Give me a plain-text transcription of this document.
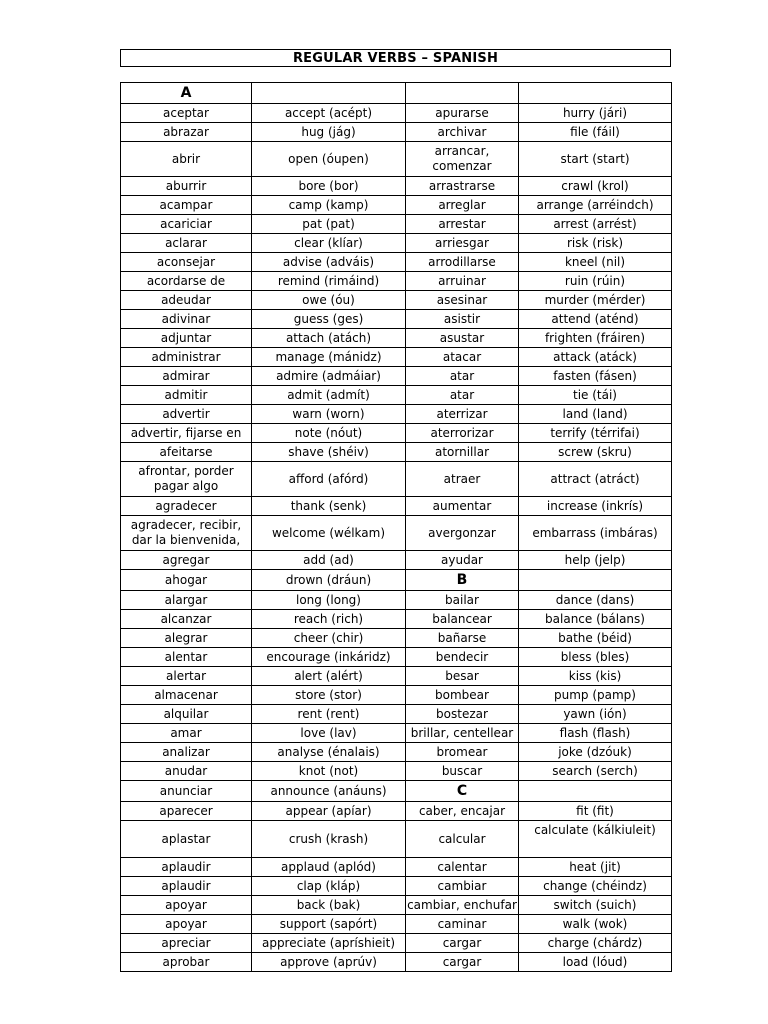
REGULAR VERBS – SPANISH
A			
aceptar	accept (acépt)	apurarse	hurry (jári)
abrazar	hug (jág)	archivar	file (fáil)
abrir	open (óupen)	arrancar, comenzar	start (start)
aburrir	bore (bor)	arrastrarse	crawl (krol)
acampar	camp (kamp)	arreglar	arrange (arréindch)
acariciar	pat (pat)	arrestar	arrest (arrést)
aclarar	clear (klíar)	arriesgar	risk (risk)
aconsejar	advise (adváis)	arrodillarse	kneel (nil)
acordarse de	remind (rimáind)	arruinar	ruin (rúin)
adeudar	owe (óu)	asesinar	murder (mérder)
adivinar	guess (ges)	asistir	attend (aténd)
adjuntar	attach (atách)	asustar	frighten (fráiren)
administrar	manage (mánidz)	atacar	attack (atáck)
admirar	admire (admáiar)	atar	fasten (fásen)
admitir	admit (admít)	atar	tie (tái)
advertir	warn (worn)	aterrizar	land (land)
advertir, fijarse en	note (nóut)	aterrorizar	terrify (térrifai)
afeitarse	shave (shéiv)	atornillar	screw (skru)
afrontar, porder pagar algo	afford (afórd)	atraer	attract (atráct)
agradecer	thank (senk)	aumentar	increase (inkrís)
agradecer, recibir, dar la bienvenida,	welcome (wélkam)	avergonzar	embarrass (imbáras)
agregar	add (ad)	ayudar	help (jelp)
ahogar	drown (dráun)	B	
alargar	long (long)	bailar	dance (dans)
alcanzar	reach (rich)	balancear	balance (bálans)
alegrar	cheer (chir)	bañarse	bathe (béid)
alentar	encourage (inkáridz)	bendecir	bless (bles)
alertar	alert (alért)	besar	kiss (kis)
almacenar	store (stor)	bombear	pump (pamp)
alquilar	rent (rent)	bostezar	yawn (ión)
amar	love (lav)	brillar, centellear	flash (flash)
analizar	analyse (énalais)	bromear	joke (dzóuk)
anudar	knot (not)	buscar	search (serch)
anunciar	announce (anáuns)	C	
aparecer	appear (apíar)	caber, encajar	fit (fit)
aplastar	crush (krash)	calcular	calculate (kálkiuleit)
aplaudir	applaud (aplód)	calentar	heat (jit)
aplaudir	clap (kláp)	cambiar	change (chéindz)
apoyar	back (bak)	cambiar, enchufar	switch (suich)
apoyar	support (sapórt)	caminar	walk (wok)
apreciar	appreciate (apríshieit)	cargar	charge (chárdz)
aprobar	approve (aprúv)	cargar	load (lóud)
